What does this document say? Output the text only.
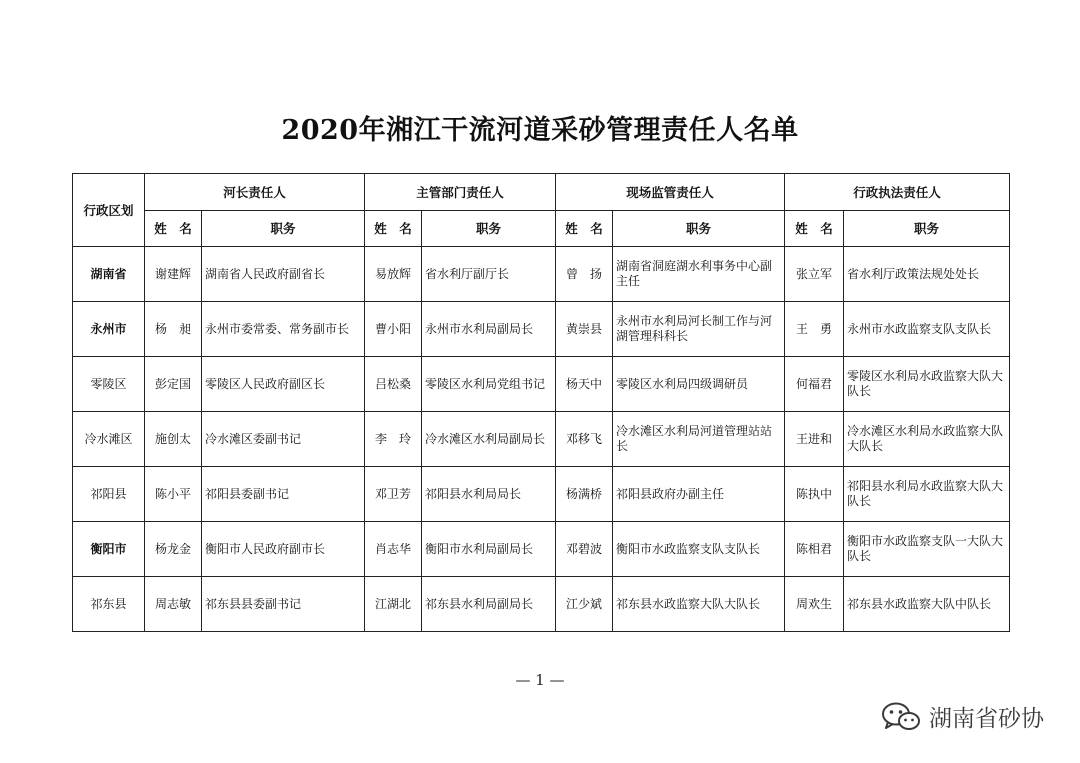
2020年湘江干流河道采砂管理责任人名单
行政区划	河长责任人		主管部门责任人		现场监管责任人		行政执法责任人	
	姓　名	职务	姓　名	职务	姓　名	职务	姓　名	职务
湖南省	谢建辉	湖南省人民政府副省长	易放辉	省水利厅副厅长	曾　扬	湖南省洞庭湖水利事务中心副主任	张立军	省水利厅政策法规处处长
永州市	杨　昶	永州市委常委、常务副市长	曹小阳	永州市水利局副局长	黄崇县	永州市水利局河长制工作与河湖管理科科长	王　勇	永州市水政监察支队支队长
零陵区	彭定国	零陵区人民政府副区长	吕松桑	零陵区水利局党组书记	杨天中	零陵区水利局四级调研员	何福君	零陵区水利局水政监察大队大队长
冷水滩区	施创太	冷水滩区委副书记	李　玲	冷水滩区水利局副局长	邓移飞	冷水滩区水利局河道管理站站长	王进和	冷水滩区水利局水政监察大队大队长
祁阳县	陈小平	祁阳县委副书记	邓卫芳	祁阳县水利局局长	杨满桥	祁阳县政府办副主任	陈执中	祁阳县水利局水政监察大队大队长
衡阳市	杨龙金	衡阳市人民政府副市长	肖志华	衡阳市水利局副局长	邓碧波	衡阳市水政监察支队支队长	陈相君	衡阳市水政监察支队一大队大队长
祁东县	周志敏	祁东县县委副书记	江湖北	祁东县水利局副局长	江少斌	祁东县水政监察大队大队长	周欢生	祁东县水政监察大队中队长
— 1 —
湖南省砂协
